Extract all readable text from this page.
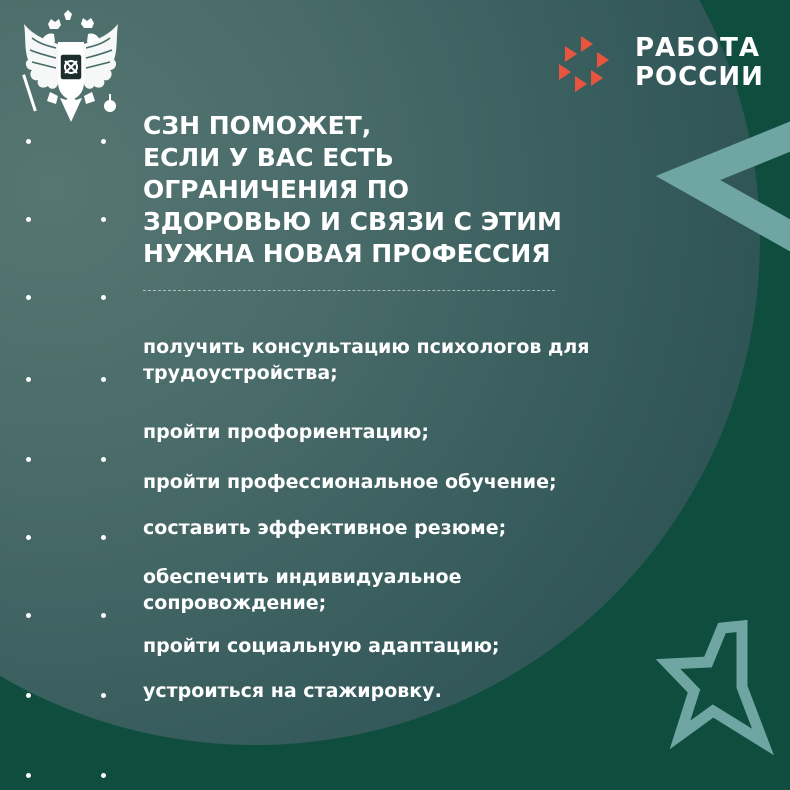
РАБОТА
РОССИИ
СЗН ПОМОЖЕТ,
ЕСЛИ У ВАС ЕСТЬ
ОГРАНИЧЕНИЯ ПО
ЗДОРОВЬЮ И СВЯЗИ С ЭТИМ
НУЖНА НОВАЯ ПРОФЕССИЯ
получить консультацию психологов для
трудоустройства;
пройти профориентацию;
пройти профессиональное обучение;
составить эффективное резюме;
обеспечить индивидуальное
сопровождение;
пройти социальную адаптацию;
устроиться на стажировку.
